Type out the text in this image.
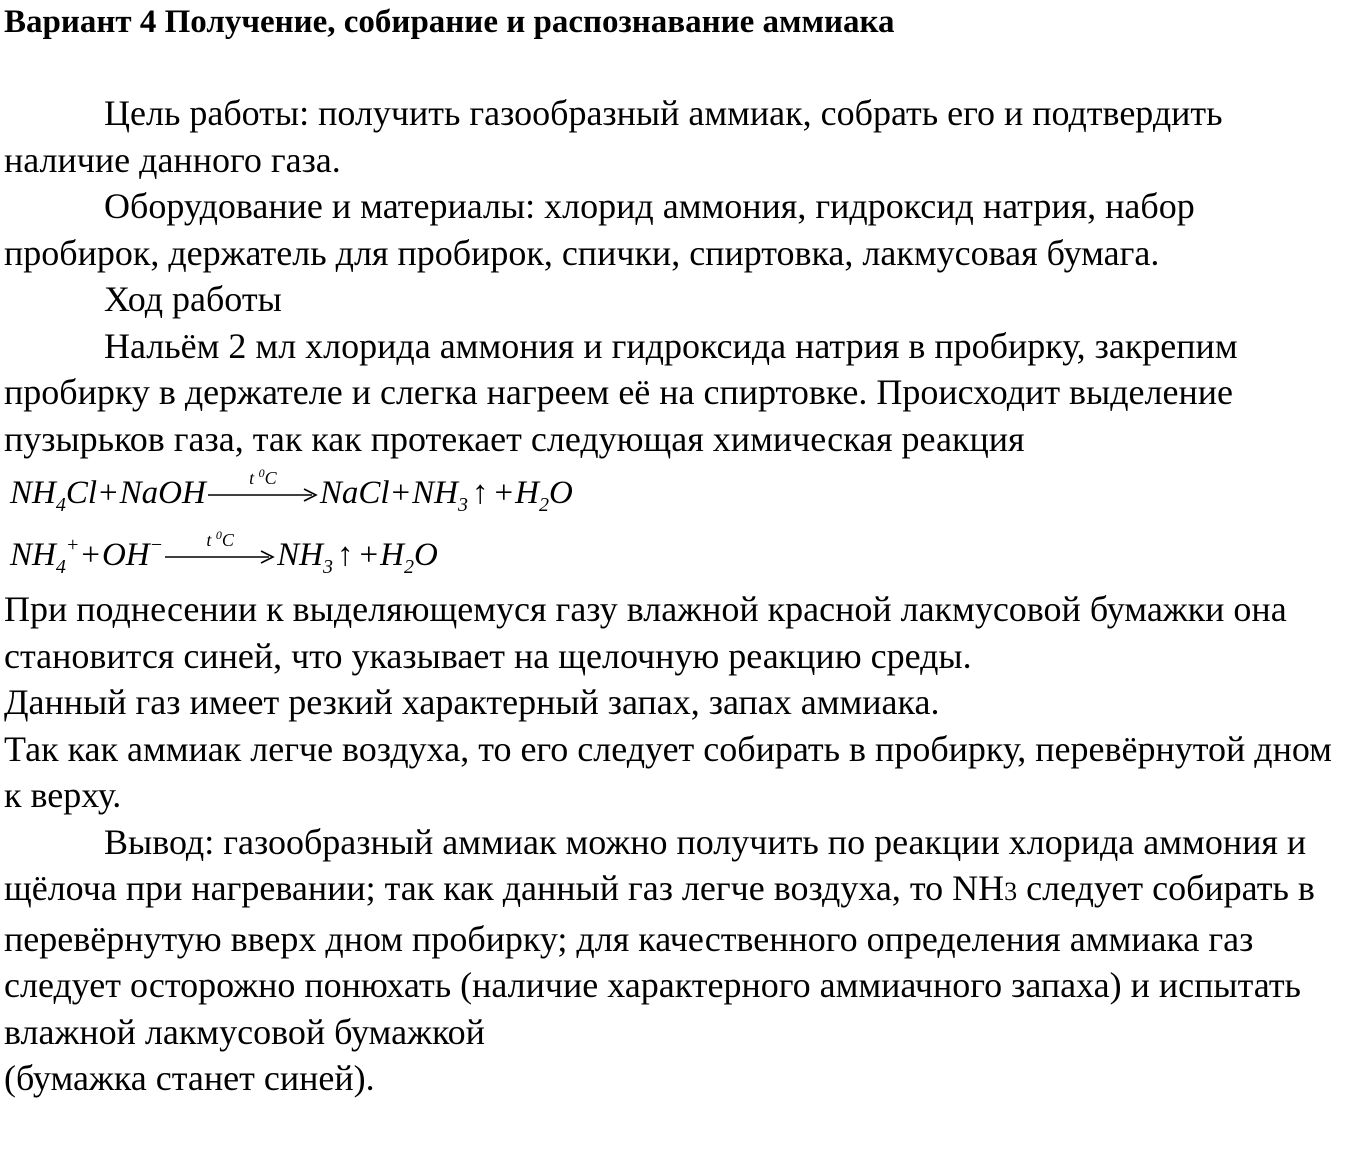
Вариант 4 Получение, собирание и распознавание аммиака

Цель работы: получить газообразный аммиак, собрать его и подтвердить наличие данного газа.

Оборудование и материалы: хлорид аммония, гидроксид натрия, набор пробирок, держатель для пробирок, спички, спиртовка, лакмусовая бумага.

Ход работы

Нальём 2 мл хлорида аммония и гидроксида натрия в пробирку, закрепим пробирку в держателе и слегка нагреем её на спиртовке. Происходит выделение пузырьков газа, так как протекает следующая химическая реакция

$NH_4Cl+NaOH$	t $^0$C	$NaCl+NH_3$ ↑ $+H_2O$
$NH_4^++OH^-$	t $^0$C	$NH_3$ ↑ $+H_2O$

При поднесении к выделяющемуся газу влажной красной лакмусовой бумажки она становится синей, что указывает на щелочную реакцию среды.

Данный газ имеет резкий характерный запах, запах аммиака.

Так как аммиак легче воздуха, то его следует собирать в пробирку, перевёрнутой дном к верху.

Вывод: газообразный аммиак можно получить по реакции хлорида аммония и щёлоча при нагревании; так как данный газ легче воздуха, то NH3 следует собирать в перевёрнутую вверх дном пробирку; для качественного определения аммиака газ следует осторожно понюхать (наличие характерного аммиачного запаха) и испытать влажной лакмусовой бумажкой

(бумажка станет синей).
